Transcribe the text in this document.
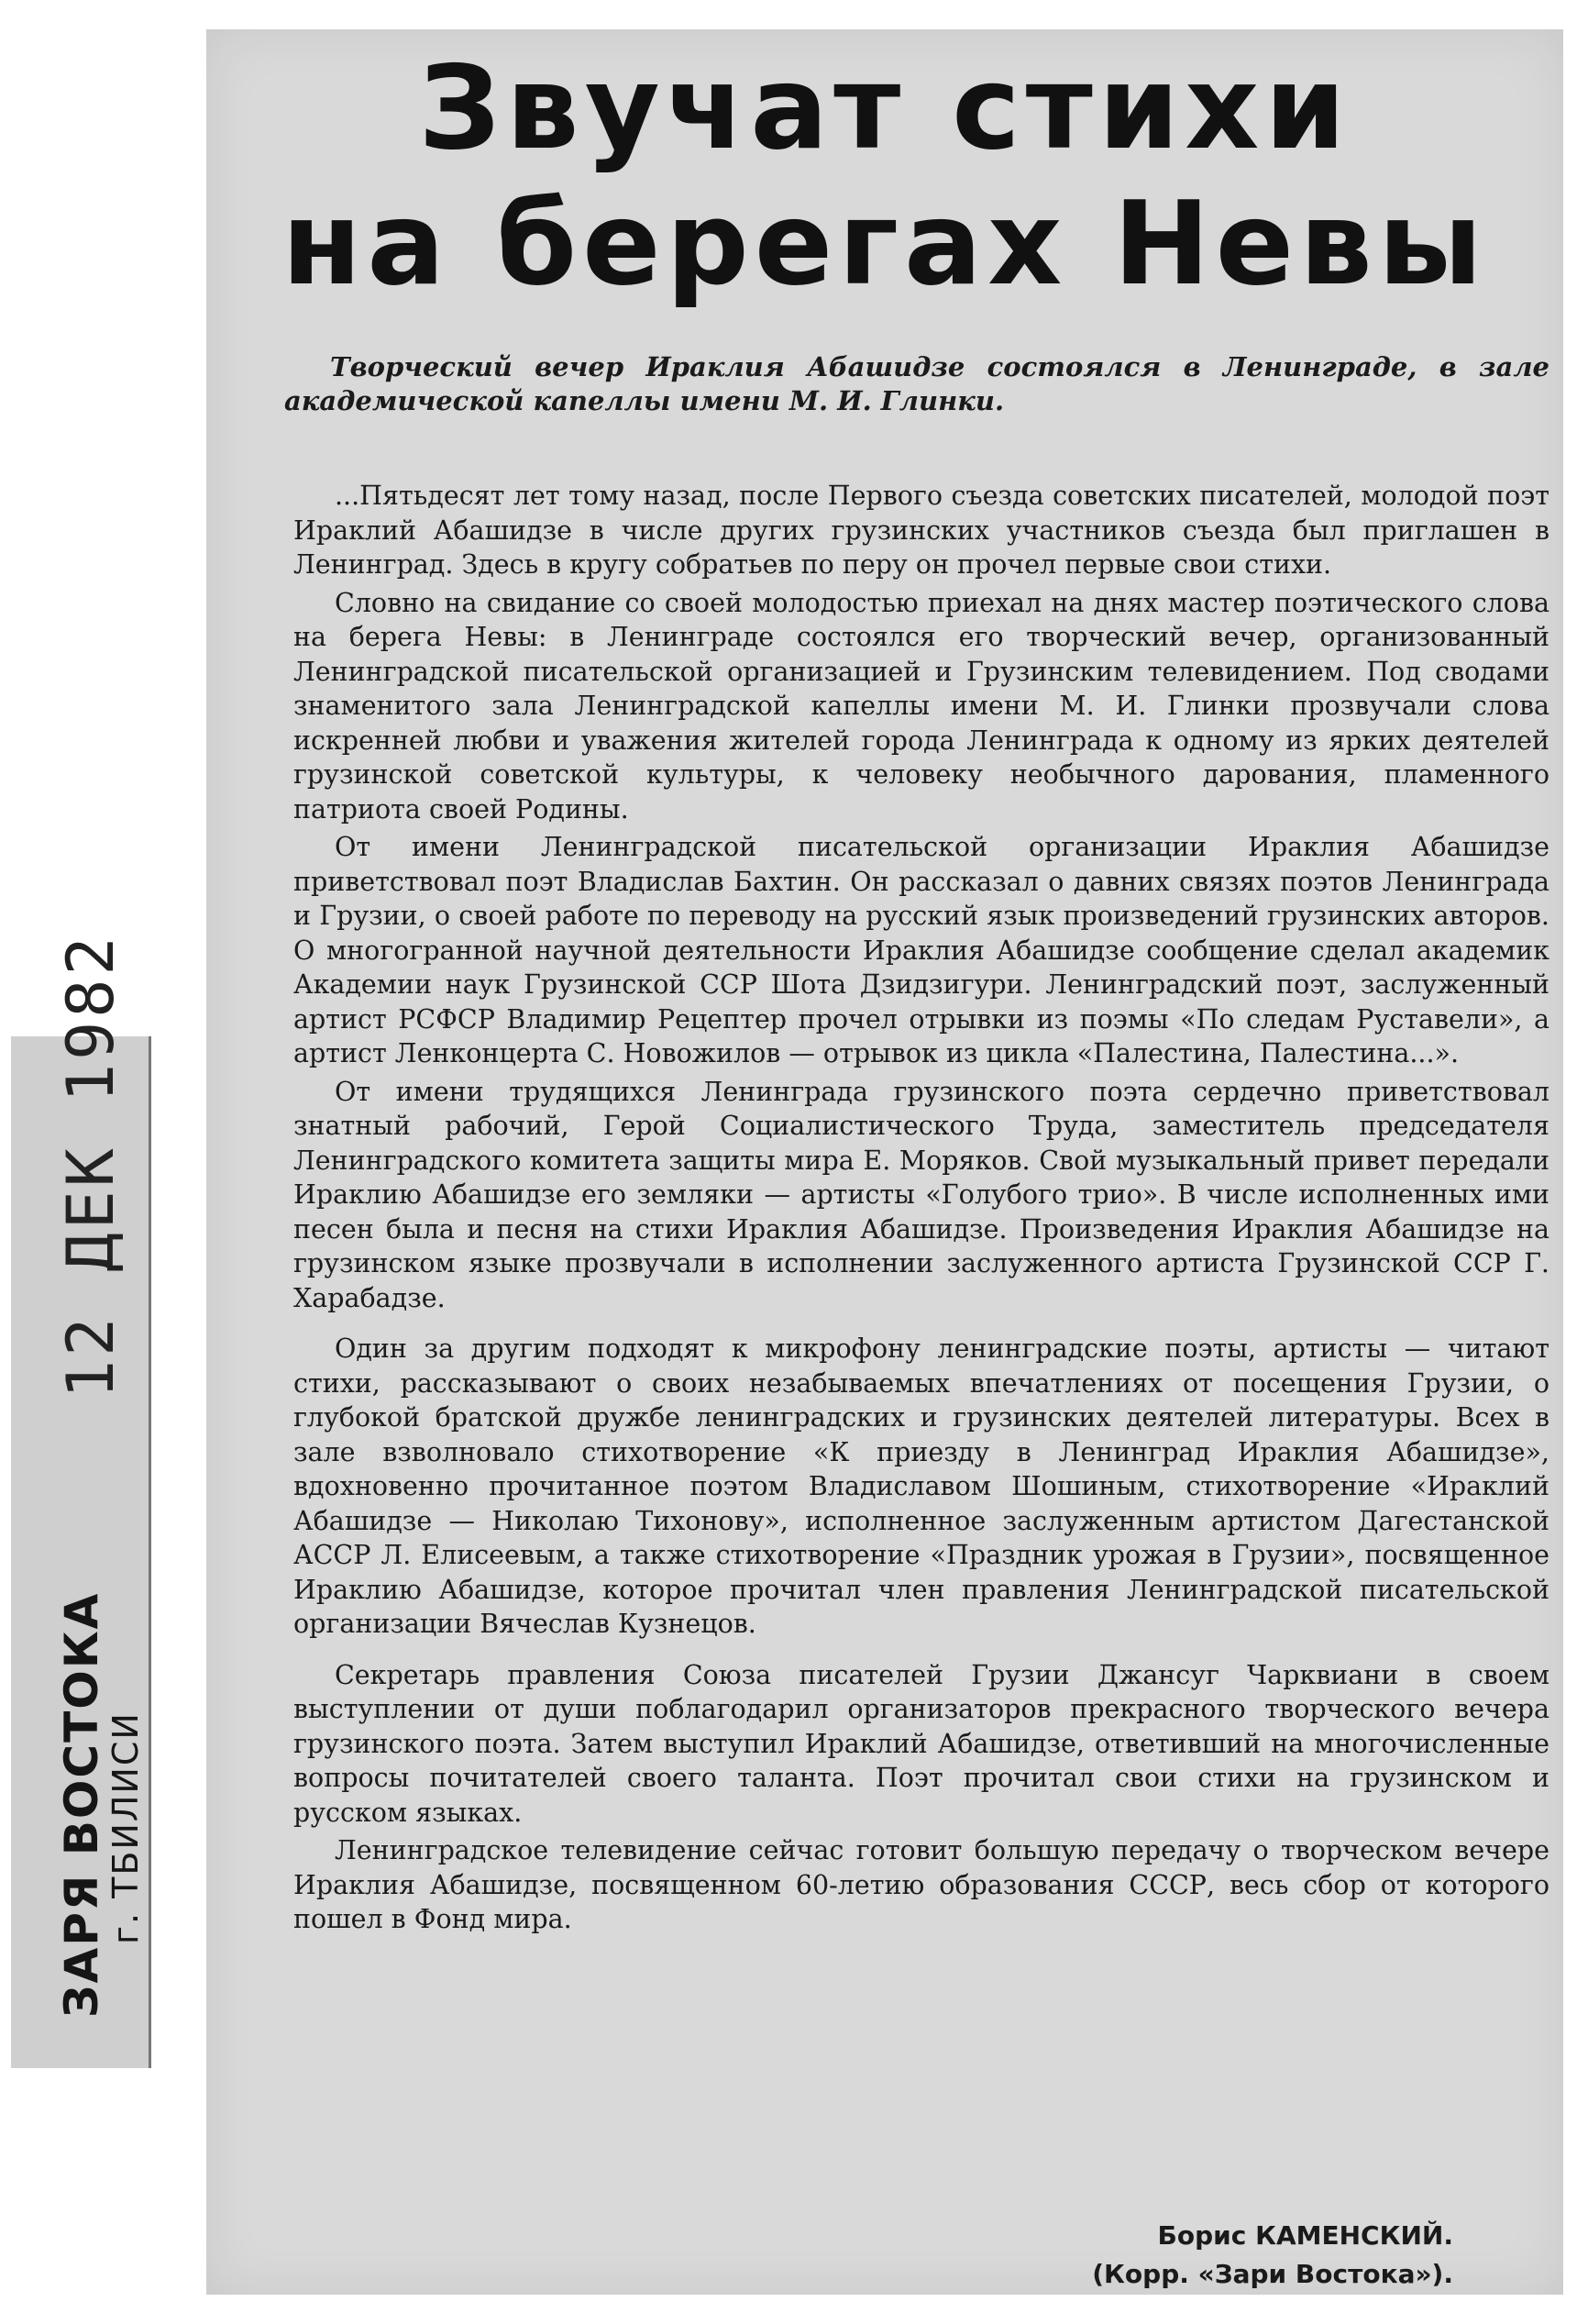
ЗАРЯ ВОСТОКА
г. ТБИЛИСИ
12 ДЕК 1982
Звучат стихи
на берегах Невы

Творческий вечер Ираклия Абашидзе состоялся в Ленинграде, в зале академической капеллы имени М. И. Глинки.

...Пятьдесят лет тому назад, после Первого съезда советских писателей, молодой поэт Ираклий Абашидзе в числе других грузинских участников съезда был приглашен в Ленинград. Здесь в кругу собратьев по перу он прочел первые свои стихи.

Словно на свидание со своей молодостью приехал на днях мастер поэтического слова на берега Невы: в Ленинграде состоялся его творческий вечер, организованный Ленинградской писательской организацией и Грузинским телевидением. Под сводами знаменитого зала Ленинградской капеллы имени М. И. Глинки прозвучали слова искренней любви и уважения жителей города Ленинграда к одному из ярких деятелей грузинской советской культуры, к человеку необычного дарования, пламенного патриота своей Родины.

От имени Ленинградской писательской организации Ираклия Абашидзе приветствовал поэт Владислав Бахтин. Он рассказал о давних связях поэтов Ленинграда и Грузии, о своей работе по переводу на русский язык произведений грузинских авторов. О многогранной научной деятельности Ираклия Абашидзе сообщение сделал академик Академии наук Грузинской ССР Шота Дзидзигури. Ленинградский поэт, заслуженный артист РСФСР Владимир Рецептер прочел отрывки из поэмы «По следам Руставели», а артист Ленконцерта С. Новожилов — отрывок из цикла «Палестина, Палестина...».

От имени трудящихся Ленинграда грузинского поэта сердечно приветствовал знатный рабочий, Герой Социалистического Труда, заместитель председателя Ленинградского комитета защиты мира Е. Моряков. Свой музыкальный привет передали Ираклию Абашидзе его земляки — артисты «Голубого трио». В числе исполненных ими песен была и песня на стихи Ираклия Абашидзе. Произведения Ираклия Абашидзе на грузинском языке прозвучали в исполнении заслуженного артиста Грузинской ССР Г. Харабадзе.

Один за другим подходят к микрофону ленинградские поэты, артисты — читают стихи, рассказывают о своих незабываемых впечатлениях от посещения Грузии, о глубокой братской дружбе ленинградских и грузинских деятелей литературы. Всех в зале взволновало стихотворение «К приезду в Ленинград Ираклия Абашидзе», вдохновенно прочитанное поэтом Владиславом Шошиным, стихотворение «Ираклий Абашидзе — Николаю Тихонову», исполненное заслуженным артистом Дагестанской АССР Л. Елисеевым, а также стихотворение «Праздник урожая в Грузии», посвященное Ираклию Абашидзе, которое прочитал член правления Ленинградской писательской организации Вячеслав Кузнецов.

Секретарь правления Союза писателей Грузии Джансуг Чарквиани в своем выступлении от души поблагодарил организаторов прекрасного творческого вечера грузинского поэта. Затем выступил Ираклий Абашидзе, ответивший на многочисленные вопросы почитателей своего таланта. Поэт прочитал свои стихи на грузинском и русском языках.

Ленинградское телевидение сейчас готовит большую передачу о творческом вечере Ираклия Абашидзе, посвященном 60-летию образования СССР, весь сбор от которого пошел в Фонд мира.

Борис КАМЕНСКИЙ.
(Корр. «Зари Востока»).
